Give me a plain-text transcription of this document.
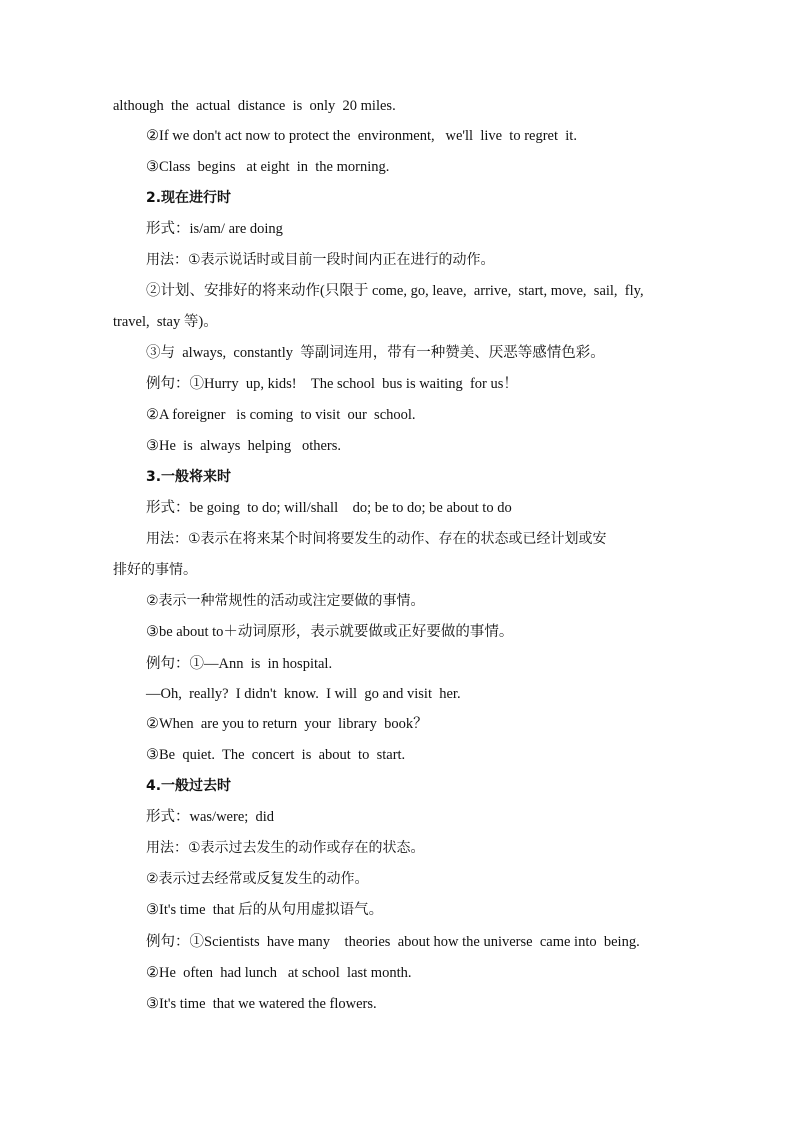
although  the  actual  distance  is  only  20 miles.
②If we don't act now to protect the  environment,   we'll  live  to regret  it.
③Class  begins   at eight  in  the morning.
2.现在进行时
形式：is/am/ are doing
用法：①表示说话时或目前一段时间内正在进行的动作。
②计划、安排好的将来动作(只限于 come, go, leave,  arrive,  start, move,  sail,  fly,
travel,  stay 等)。
③与  always,  constantly  等副词连用，带有一种赞美、厌恶等感情色彩。
例句：①Hurry  up, kids!    The school  bus is waiting  for us！
②A foreigner   is coming  to visit  our  school.
③He  is  always  helping   others.
3.一般将来时
形式：be going  to do; will/shall    do; be to do; be about to do
用法：①表示在将来某个时间将要发生的动作、存在的状态或已经计划或安
排好的事情。
②表示一种常规性的活动或注定要做的事情。
③be about to＋动词原形，表示就要做或正好要做的事情。
例句：①—Ann  is  in hospital.
—Oh,  really?  I didn't  know.  I will  go and visit  her.
②When  are you to return  your  library  book？
③Be  quiet.  The  concert  is  about  to  start.
4.一般过去时
形式：was/were;  did
用法：①表示过去发生的动作或存在的状态。
②表示过去经常或反复发生的动作。
③It's time  that 后的从句用虚拟语气。
例句：①Scientists  have many    theories  about how the universe  came into  being.
②He  often  had lunch   at school  last month.
③It's time  that we watered the flowers.
